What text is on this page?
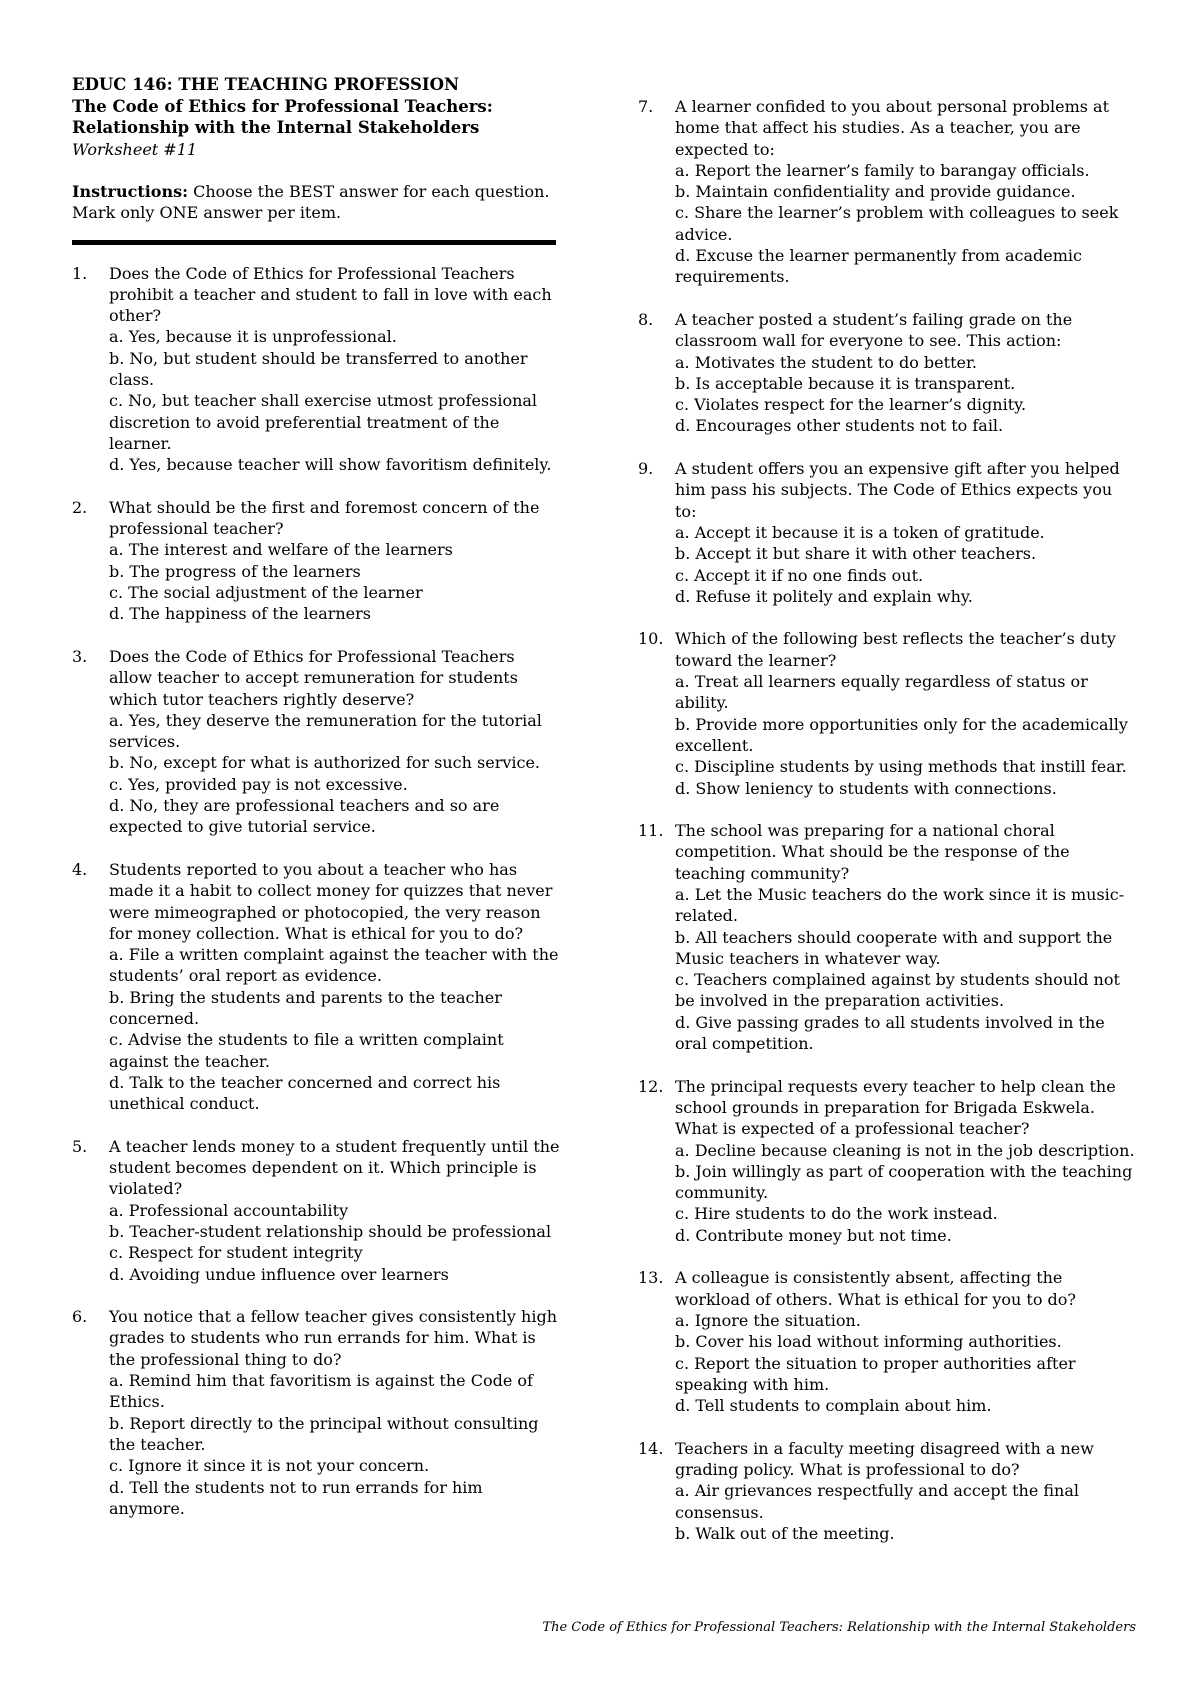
EDUC 146: THE TEACHING PROFESSION
The Code of Ethics for Professional Teachers:
Relationship with the Internal Stakeholders
Worksheet #11
Instructions: Choose the BEST answer for each question. Mark only ONE answer per item.
1. Does the Code of Ethics for Professional Teachers prohibit a teacher and student to fall in love with each other?
a. Yes, because it is unprofessional.
b. No, but student should be transferred to another class.
c. No, but teacher shall exercise utmost professional discretion to avoid preferential treatment of the learner.
d. Yes, because teacher will show favoritism definitely.
2. What should be the first and foremost concern of the professional teacher?
a. The interest and welfare of the learners
b. The progress of the learners
c. The social adjustment of the learner
d. The happiness of the learners
3. Does the Code of Ethics for Professional Teachers allow teacher to accept remuneration for students which tutor teachers rightly deserve?
a. Yes, they deserve the remuneration for the tutorial services.
b. No, except for what is authorized for such service.
c. Yes, provided pay is not excessive.
d. No, they are professional teachers and so are expected to give tutorial service.
4. Students reported to you about a teacher who has made it a habit to collect money for quizzes that never were mimeographed or photocopied, the very reason for money collection. What is ethical for you to do?
a. File a written complaint against the teacher with the students’ oral report as evidence.
b. Bring the students and parents to the teacher concerned.
c. Advise the students to file a written complaint against the teacher.
d. Talk to the teacher concerned and correct his unethical conduct.
5. A teacher lends money to a student frequently until the student becomes dependent on it. Which principle is violated?
a. Professional accountability
b. Teacher-student relationship should be professional
c. Respect for student integrity
d. Avoiding undue influence over learners
6. You notice that a fellow teacher gives consistently high grades to students who run errands for him. What is the professional thing to do?
a. Remind him that favoritism is against the Code of Ethics.
b. Report directly to the principal without consulting the teacher.
c. Ignore it since it is not your concern.
d. Tell the students not to run errands for him anymore.
7. A learner confided to you about personal problems at home that affect his studies. As a teacher, you are expected to:
a. Report the learner’s family to barangay officials.
b. Maintain confidentiality and provide guidance.
c. Share the learner’s problem with colleagues to seek advice.
d. Excuse the learner permanently from academic requirements.
8. A teacher posted a student’s failing grade on the classroom wall for everyone to see. This action:
a. Motivates the student to do better.
b. Is acceptable because it is transparent.
c. Violates respect for the learner’s dignity.
d. Encourages other students not to fail.
9. A student offers you an expensive gift after you helped him pass his subjects. The Code of Ethics expects you to:
a. Accept it because it is a token of gratitude.
b. Accept it but share it with other teachers.
c. Accept it if no one finds out.
d. Refuse it politely and explain why.
10. Which of the following best reflects the teacher’s duty toward the learner?
a. Treat all learners equally regardless of status or ability.
b. Provide more opportunities only for the academically excellent.
c. Discipline students by using methods that instill fear.
d. Show leniency to students with connections.
11. The school was preparing for a national choral competition. What should be the response of the teaching community?
a. Let the Music teachers do the work since it is music-related.
b. All teachers should cooperate with and support the Music teachers in whatever way.
c. Teachers complained against by students should not be involved in the preparation activities.
d. Give passing grades to all students involved in the oral competition.
12. The principal requests every teacher to help clean the school grounds in preparation for Brigada Eskwela. What is expected of a professional teacher?
a. Decline because cleaning is not in the job description.
b. Join willingly as part of cooperation with the teaching community.
c. Hire students to do the work instead.
d. Contribute money but not time.
13. A colleague is consistently absent, affecting the workload of others. What is ethical for you to do?
a. Ignore the situation.
b. Cover his load without informing authorities.
c. Report the situation to proper authorities after speaking with him.
d. Tell students to complain about him.
14. Teachers in a faculty meeting disagreed with a new grading policy. What is professional to do?
a. Air grievances respectfully and accept the final consensus.
b. Walk out of the meeting.
The Code of Ethics for Professional Teachers: Relationship with the Internal Stakeholders
